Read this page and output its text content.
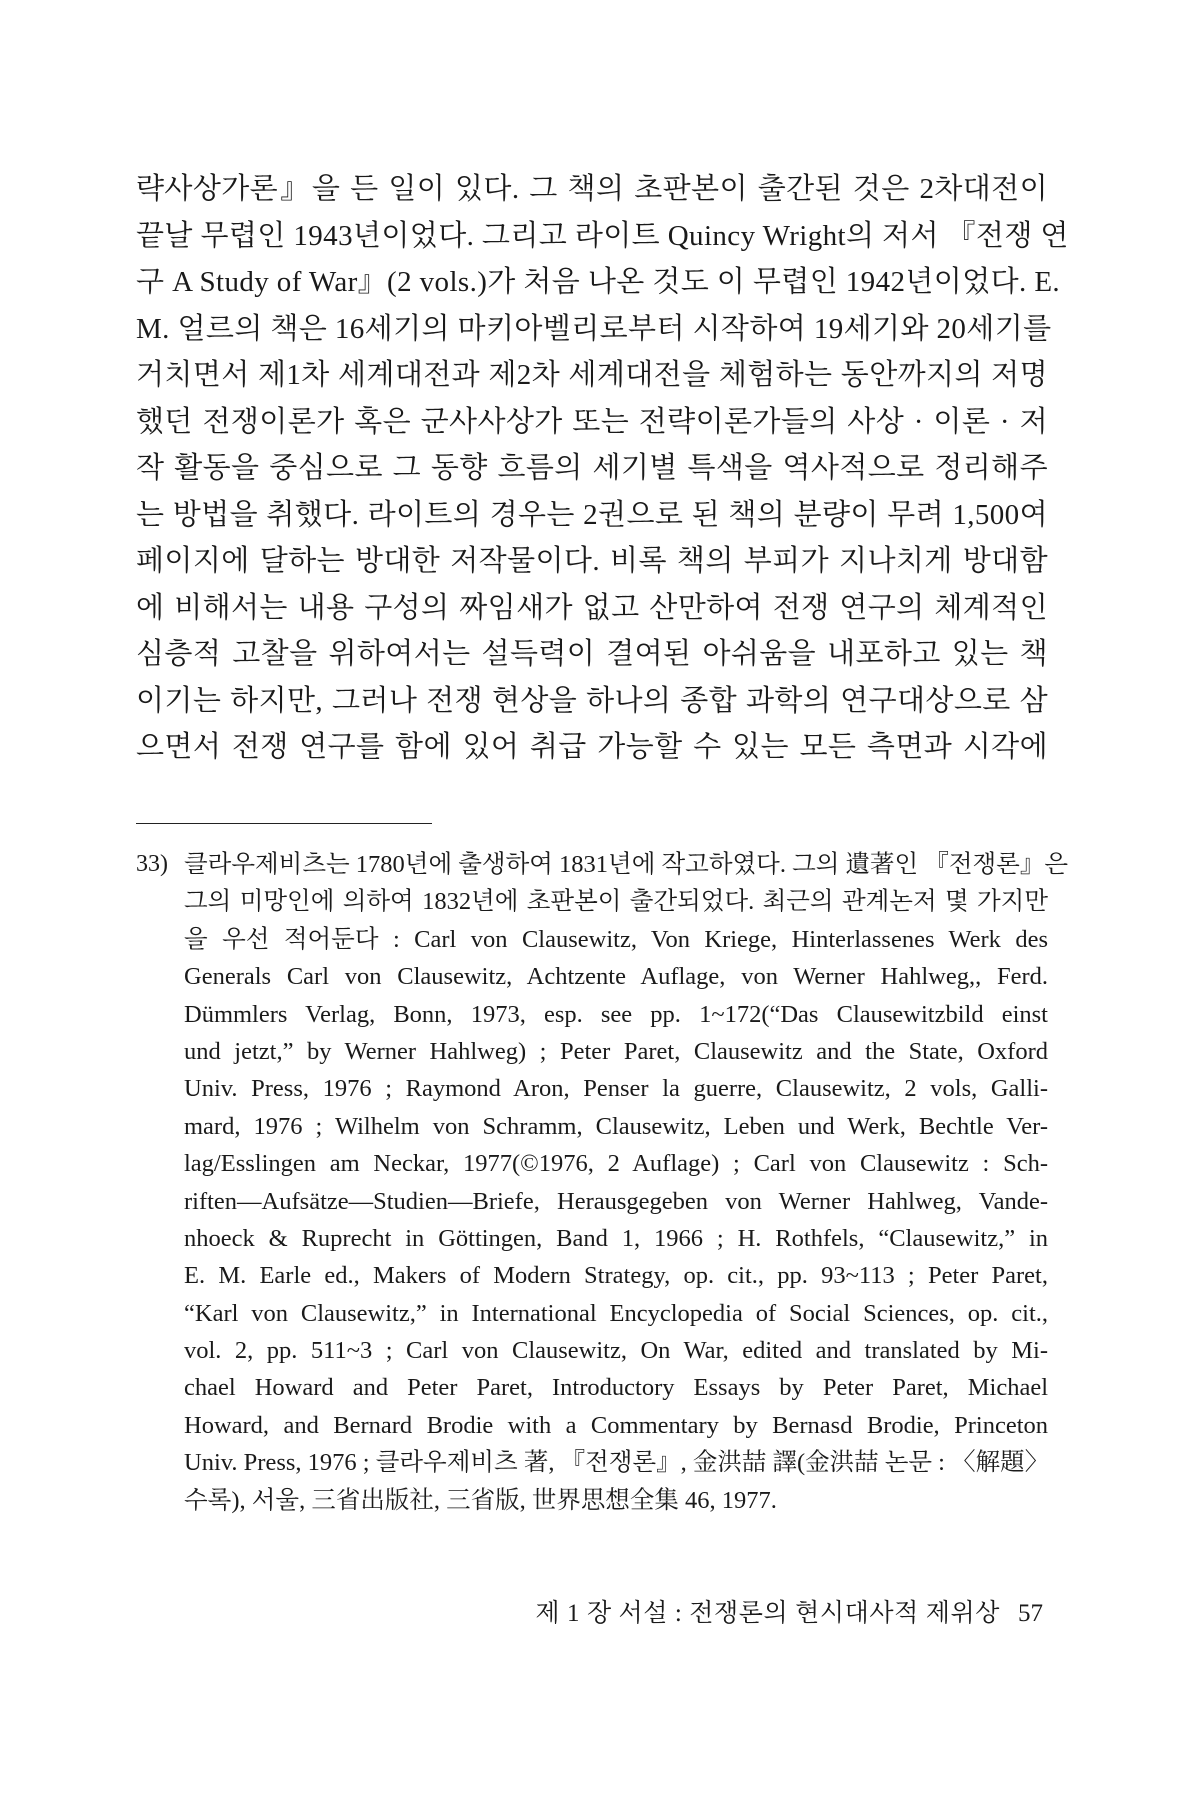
략사상가론』을 든 일이 있다. 그 책의 초판본이 출간된 것은 2차대전이
끝날 무렵인 1943년이었다. 그리고 라이트 Quincy Wright의 저서 『전쟁 연
구 A Study of War』(2 vols.)가 처음 나온 것도 이 무렵인 1942년이었다. E.
M. 얼르의 책은 16세기의 마키아벨리로부터 시작하여 19세기와 20세기를
거치면서 제1차 세계대전과 제2차 세계대전을 체험하는 동안까지의 저명
했던 전쟁이론가 혹은 군사사상가 또는 전략이론가들의 사상 · 이론 · 저
작 활동을 중심으로 그 동향 흐름의 세기별 특색을 역사적으로 정리해주
는 방법을 취했다. 라이트의 경우는 2권으로 된 책의 분량이 무려 1,500여
페이지에 달하는 방대한 저작물이다. 비록 책의 부피가 지나치게 방대함
에 비해서는 내용 구성의 짜임새가 없고 산만하여 전쟁 연구의 체계적인
심층적 고찰을 위하여서는 설득력이 결여된 아쉬움을 내포하고 있는 책
이기는 하지만, 그러나 전쟁 현상을 하나의 종합 과학의 연구대상으로 삼
으면서 전쟁 연구를 함에 있어 취급 가능할 수 있는 모든 측면과 시각에
33) 클라우제비츠는 1780년에 출생하여 1831년에 작고하였다. 그의 遺著인 『전쟁론』은
그의 미망인에 의하여 1832년에 초판본이 출간되었다. 최근의 관계논저 몇 가지만
을 우선 적어둔다 : Carl von Clausewitz, Von Kriege, Hinterlassenes Werk des
Generals Carl von Clausewitz, Achtzente Auflage, von Werner Hahlweg,, Ferd.
Dümmlers Verlag, Bonn, 1973, esp. see pp. 1~172(“Das Clausewitzbild einst
und jetzt,” by Werner Hahlweg) ; Peter Paret, Clausewitz and the State, Oxford
Univ. Press, 1976 ; Raymond Aron, Penser la guerre, Clausewitz, 2 vols, Galli-
mard, 1976 ; Wilhelm von Schramm, Clausewitz, Leben und Werk, Bechtle Ver-
lag/Esslingen am Neckar, 1977(©1976, 2 Auflage) ; Carl von Clausewitz : Sch-
riften—Aufsätze—Studien—Briefe, Herausgegeben von Werner Hahlweg, Vande-
nhoeck & Ruprecht in Göttingen, Band 1, 1966 ; H. Rothfels, “Clausewitz,” in
E. M. Earle ed., Makers of Modern Strategy, op. cit., pp. 93~113 ; Peter Paret,
“Karl von Clausewitz,” in International Encyclopedia of Social Sciences, op. cit.,
vol. 2, pp. 511~3 ; Carl von Clausewitz, On War, edited and translated by Mi-
chael Howard and Peter Paret, Introductory Essays by Peter Paret, Michael
Howard, and Bernard Brodie with a Commentary by Bernasd Brodie, Princeton
Univ. Press, 1976 ; 클라우제비츠 著, 『전쟁론』, 金洪喆 譯(金洪喆 논문 : 〈解題〉
수록), 서울, 三省出版社, 三省版, 世界思想全集 46, 1977.
제 1 장 서설 : 전쟁론의 현시대사적 제위상 57
